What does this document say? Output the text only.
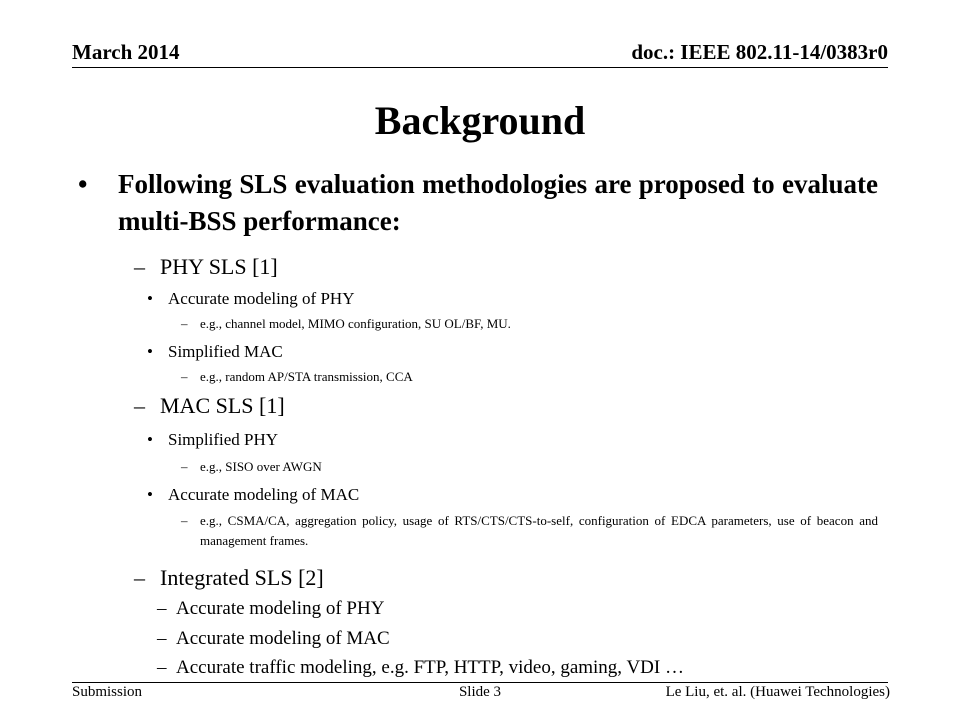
March 2014	doc.: IEEE 802.11-14/0383r0
Background
• Following SLS evaluation methodologies are proposed to evaluate multi-BSS performance:
– PHY SLS [1]
• Accurate modeling of PHY
– e.g., channel model, MIMO configuration, SU OL/BF, MU.
• Simplified MAC
– e.g., random AP/STA transmission, CCA
– MAC SLS [1]
• Simplified PHY
– e.g., SISO over AWGN
• Accurate modeling of MAC
– e.g., CSMA/CA, aggregation policy, usage of RTS/CTS/CTS-to-self, configuration of EDCA parameters, use of beacon and management frames.
– Integrated SLS [2]
– Accurate modeling of PHY
– Accurate modeling of MAC
– Accurate traffic modeling, e.g. FTP, HTTP, video, gaming, VDI …
Submission	Slide 3	Le Liu, et. al. (Huawei Technologies)
